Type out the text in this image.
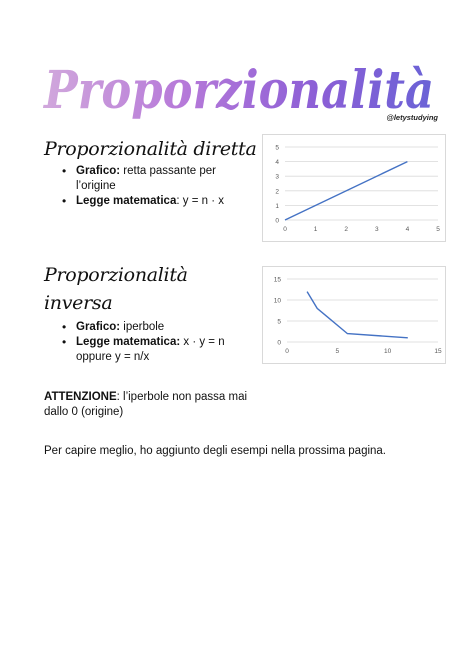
Proporzionalità
@letystudying
Proporzionalità diretta
• Grafico: retta passante per l’origine
• Legge matematica: y = n · x
0
1
2
3
4
5
0	1	2	3	4	5
Proporzionalità
inversa
• Grafico: iperbole
• Legge matematica: x · y = n
oppure y = n/x
0
5
10
15
0	5	10	15
ATTENZIONE: l’iperbole non passa mai dallo 0 (origine)
Per capire meglio, ho aggiunto degli esempi nella prossima pagina.
